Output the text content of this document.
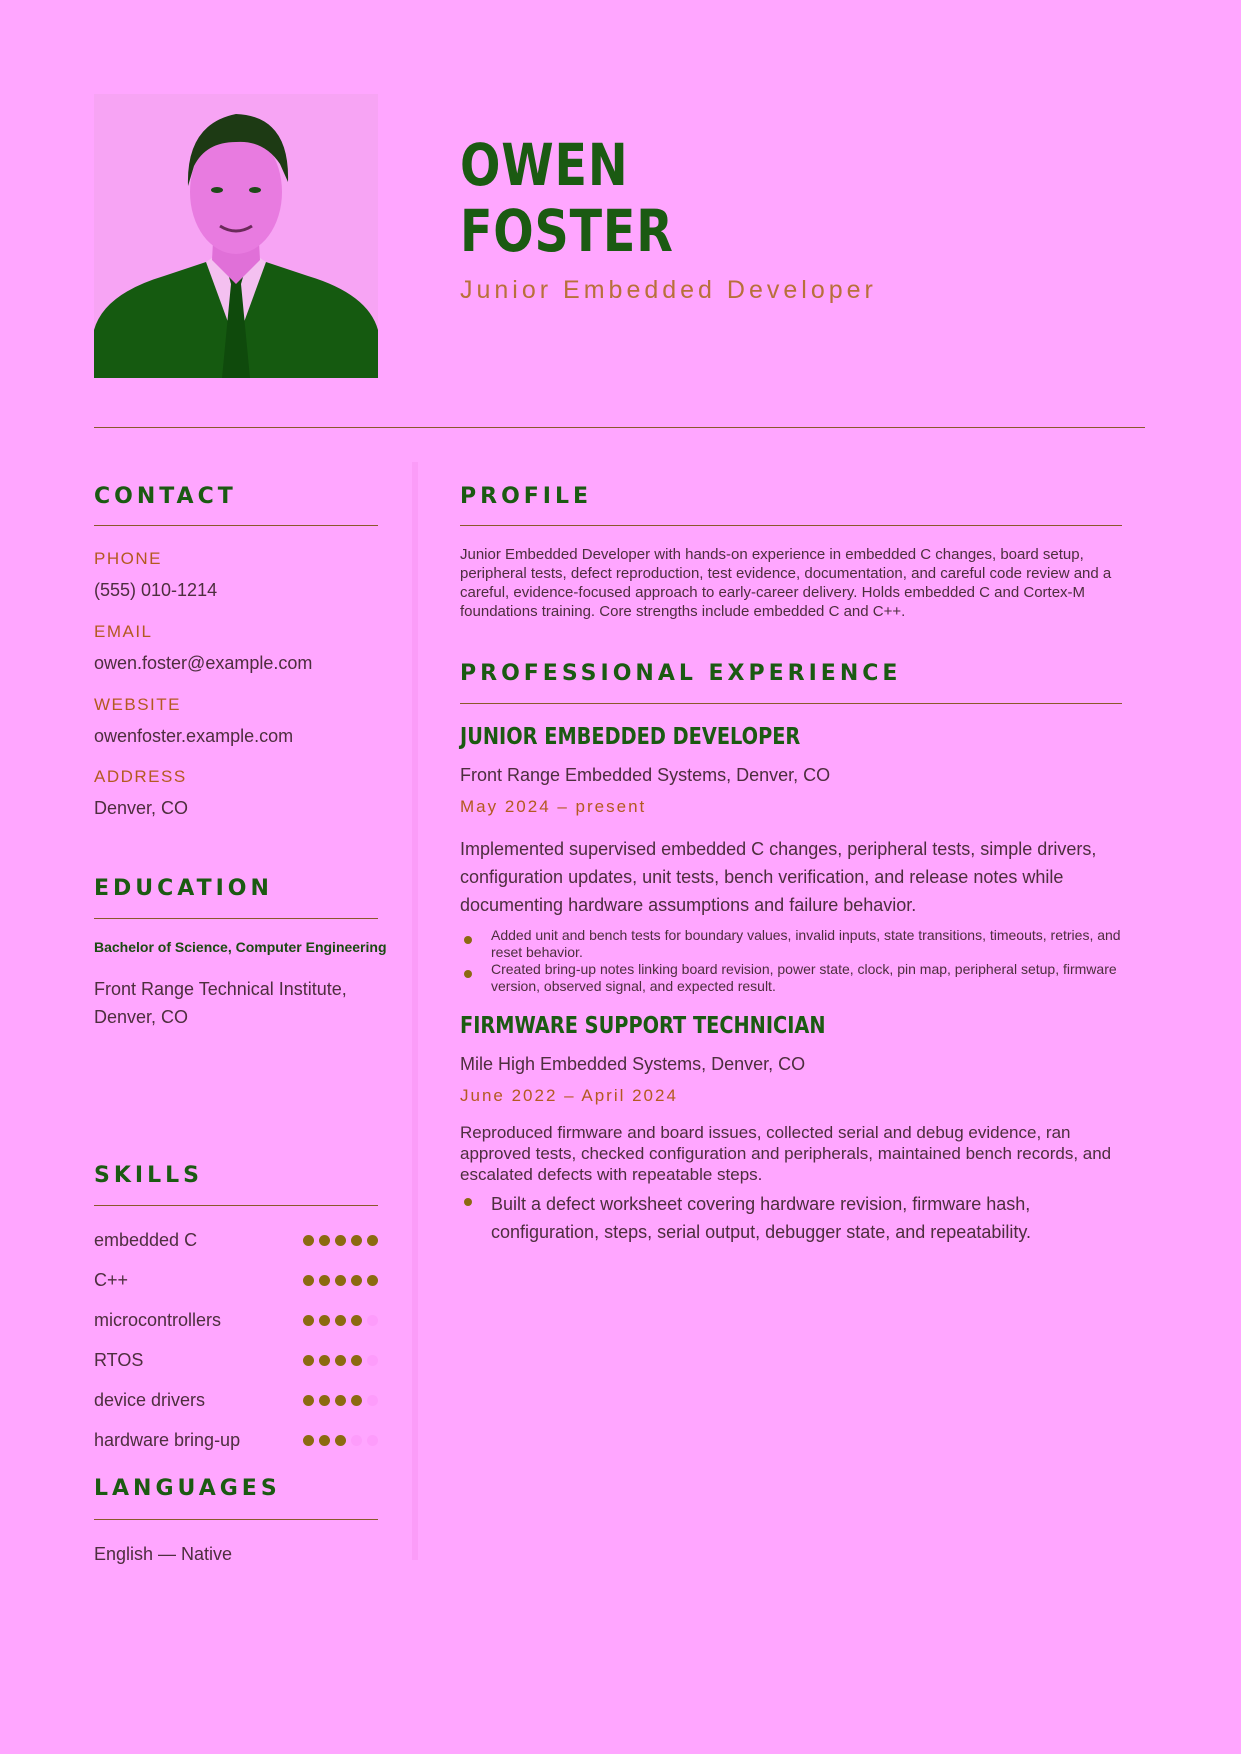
OWEN
FOSTER
Junior Embedded Developer
CONTACT
PHONE
(555) 010-1214
EMAIL
owen.foster@example.com
WEBSITE
owenfoster.example.com
ADDRESS
Denver, CO
EDUCATION
Bachelor of Science, Computer Engineering
Front Range Technical Institute,
Denver, CO
SKILLS
embedded C
C++
microcontrollers
RTOS
device drivers
hardware bring-up
LANGUAGES
English — Native
PROFILE
Junior Embedded Developer with hands-on experience in embedded C changes, board setup, peripheral tests, defect reproduction, test evidence, documentation, and careful code review and a careful, evidence-focused approach to early-career delivery. Holds embedded C and Cortex-M foundations training. Core strengths include embedded C and C++.
PROFESSIONAL EXPERIENCE
JUNIOR EMBEDDED DEVELOPER
Front Range Embedded Systems, Denver, CO
May 2024 – present
Implemented supervised embedded C changes, peripheral tests, simple drivers, configuration updates, unit tests, bench verification, and release notes while documenting hardware assumptions and failure behavior.
Added unit and bench tests for boundary values, invalid inputs, state transitions, timeouts, retries, and reset behavior.
Created bring-up notes linking board revision, power state, clock, pin map, peripheral setup, firmware version, observed signal, and expected result.
FIRMWARE SUPPORT TECHNICIAN
Mile High Embedded Systems, Denver, CO
June 2022 – April 2024
Reproduced firmware and board issues, collected serial and debug evidence, ran approved tests, checked configuration and peripherals, maintained bench records, and escalated defects with repeatable steps.
Built a defect worksheet covering hardware revision, firmware hash, configuration, steps, serial output, debugger state, and repeatability.
